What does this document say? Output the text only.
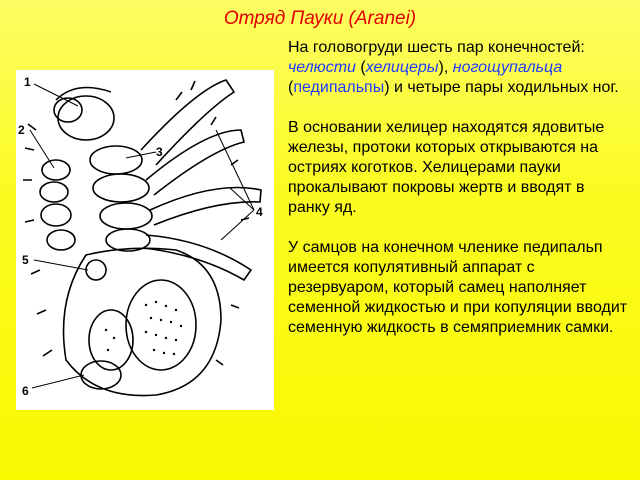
Отряд Пауки (Aranei)
1
2
3
4
5
6

На головогруди шесть пар конечностей: челюсти (хелицеры), ногощупальца (педипальпы) и четыре пары ходильных ног.

В основании хелицер находятся ядовитые железы, протоки которых открываются на остриях коготков. Хелицерами пауки прокалывают покровы жертв и вводят в ранку яд.

У самцов на конечном членике педипальп имеется копулятивный аппарат с резервуаром, который самец наполняет семенной жидкостью и при копуляции вводит семенную жидкость в семяприемник самки.
